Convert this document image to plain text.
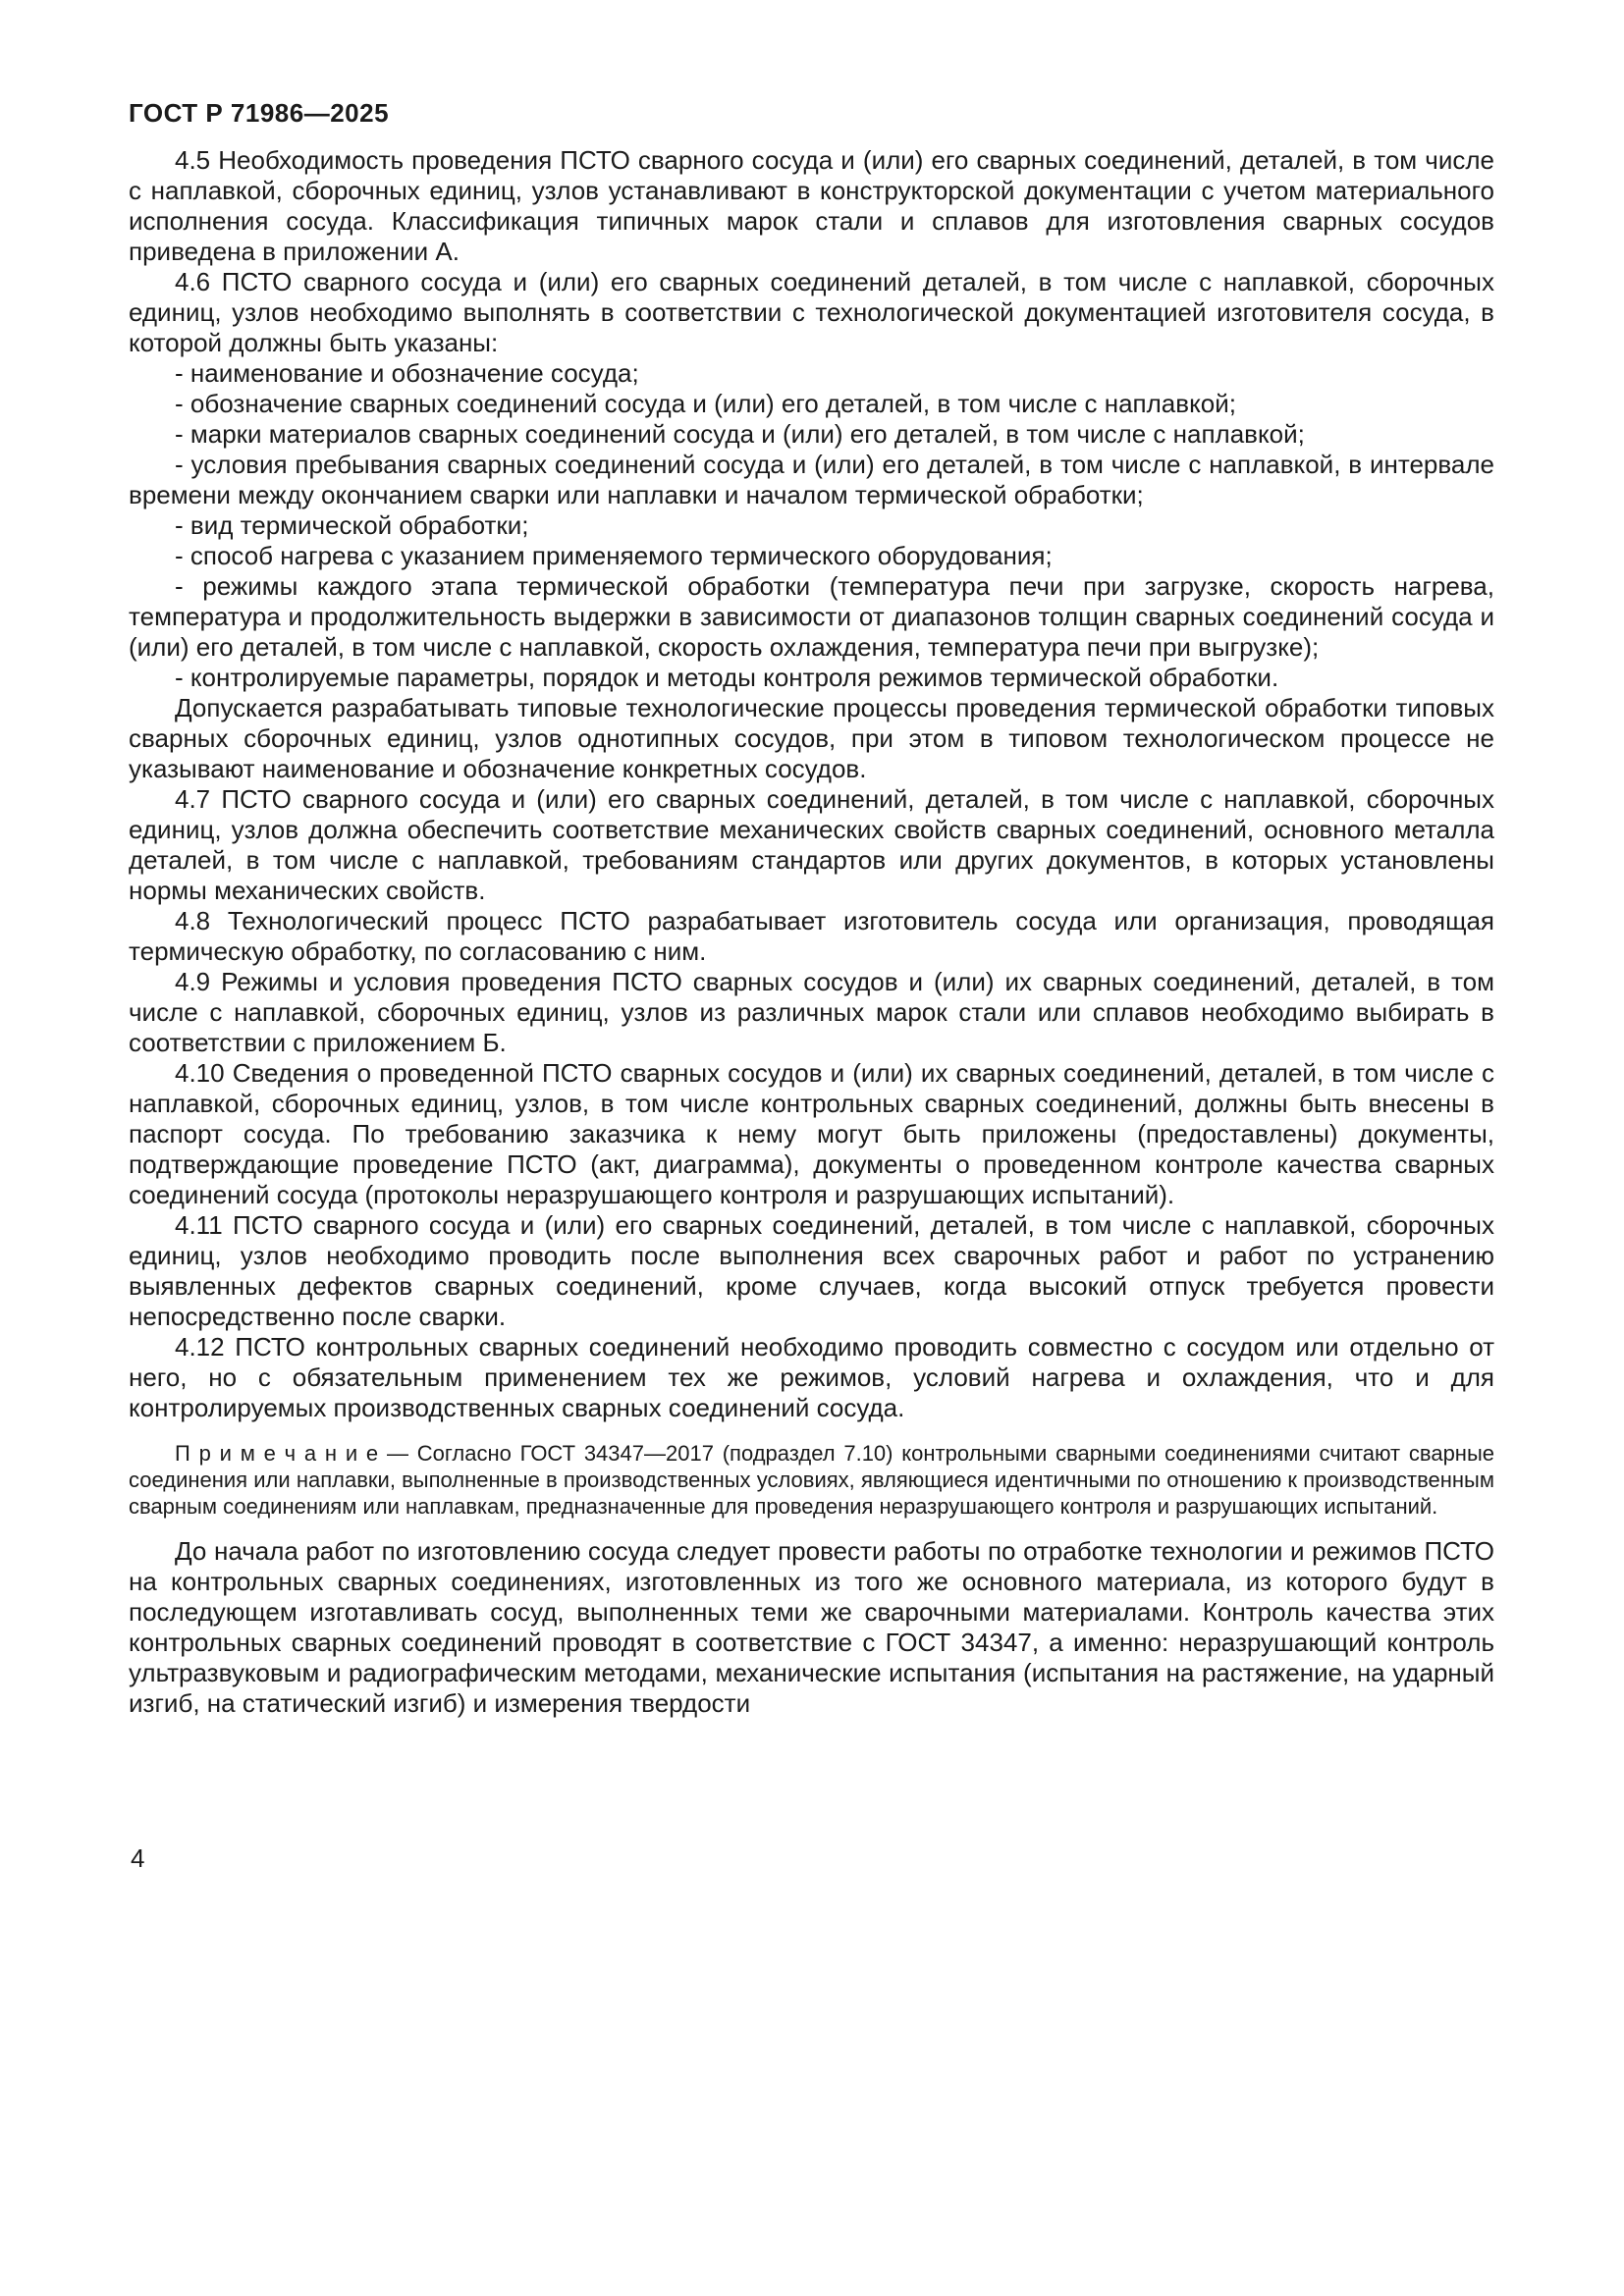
ГОСТ Р 71986—2025

4.5 Необходимость проведения ПСТО сварного сосуда и (или) его сварных соединений, деталей, в том числе с наплавкой, сборочных единиц, узлов устанавливают в конструкторской документации с учетом материального исполнения сосуда. Классификация типичных марок стали и сплавов для изготовления сварных сосудов приведена в приложении А.

4.6 ПСТО сварного сосуда и (или) его сварных соединений деталей, в том числе с наплавкой, сборочных единиц, узлов необходимо выполнять в соответствии с технологической документацией изготовителя сосуда, в которой должны быть указаны:

- наименование и обозначение сосуда;

- обозначение сварных соединений сосуда и (или) его деталей, в том числе с наплавкой;

- марки материалов сварных соединений сосуда и (или) его деталей, в том числе с наплавкой;

- условия пребывания сварных соединений сосуда и (или) его деталей, в том числе с наплавкой, в интервале времени между окончанием сварки или наплавки и началом термической обработки;

- вид термической обработки;

- способ нагрева с указанием применяемого термического оборудования;

- режимы каждого этапа термической обработки (температура печи при загрузке, скорость нагрева, температура и продолжительность выдержки в зависимости от диапазонов толщин сварных соединений сосуда и (или) его деталей, в том числе с наплавкой, скорость охлаждения, температура печи при выгрузке);

- контролируемые параметры, порядок и методы контроля режимов термической обработки.

Допускается разрабатывать типовые технологические процессы проведения термической обработки типовых сварных сборочных единиц, узлов однотипных сосудов, при этом в типовом технологическом процессе не указывают наименование и обозначение конкретных сосудов.

4.7 ПСТО сварного сосуда и (или) его сварных соединений, деталей, в том числе с наплавкой, сборочных единиц, узлов должна обеспечить соответствие механических свойств сварных соединений, основного металла деталей, в том числе с наплавкой, требованиям стандартов или других документов, в которых установлены нормы механических свойств.

4.8 Технологический процесс ПСТО разрабатывает изготовитель сосуда или организация, проводящая термическую обработку, по согласованию с ним.

4.9 Режимы и условия проведения ПСТО сварных сосудов и (или) их сварных соединений, деталей, в том числе с наплавкой, сборочных единиц, узлов из различных марок стали или сплавов необходимо выбирать в соответствии с приложением Б.

4.10 Сведения о проведенной ПСТО сварных сосудов и (или) их сварных соединений, деталей, в том числе с наплавкой, сборочных единиц, узлов, в том числе контрольных сварных соединений, должны быть внесены в паспорт сосуда. По требованию заказчика к нему могут быть приложены (предоставлены) документы, подтверждающие проведение ПСТО (акт, диаграмма), документы о проведенном контроле качества сварных соединений сосуда (протоколы неразрушающего контроля и разрушающих испытаний).

4.11 ПСТО сварного сосуда и (или) его сварных соединений, деталей, в том числе с наплавкой, сборочных единиц, узлов необходимо проводить после выполнения всех сварочных работ и работ по устранению выявленных дефектов сварных соединений, кроме случаев, когда высокий отпуск требуется провести непосредственно после сварки.

4.12 ПСТО контрольных сварных соединений необходимо проводить совместно с сосудом или отдельно от него, но с обязательным применением тех же режимов, условий нагрева и охлаждения, что и для контролируемых производственных сварных соединений сосуда.

П р и м е ч а н и е — Согласно ГОСТ 34347—2017 (подраздел 7.10) контрольными сварными соединениями считают сварные соединения или наплавки, выполненные в производственных условиях, являющиеся идентичными по отношению к производственным сварным соединениям или наплавкам, предназначенные для проведения неразрушающего контроля и разрушающих испытаний.

До начала работ по изготовлению сосуда следует провести работы по отработке технологии и режимов ПСТО на контрольных сварных соединениях, изготовленных из того же основного материала, из которого будут в последующем изготавливать сосуд, выполненных теми же сварочными материалами. Контроль качества этих контрольных сварных соединений проводят в соответствие с ГОСТ 34347, а именно: неразрушающий контроль ультразвуковым и радиографическим методами, механические испытания (испытания на растяжение, на ударный изгиб, на статический изгиб) и измерения твердости

4
